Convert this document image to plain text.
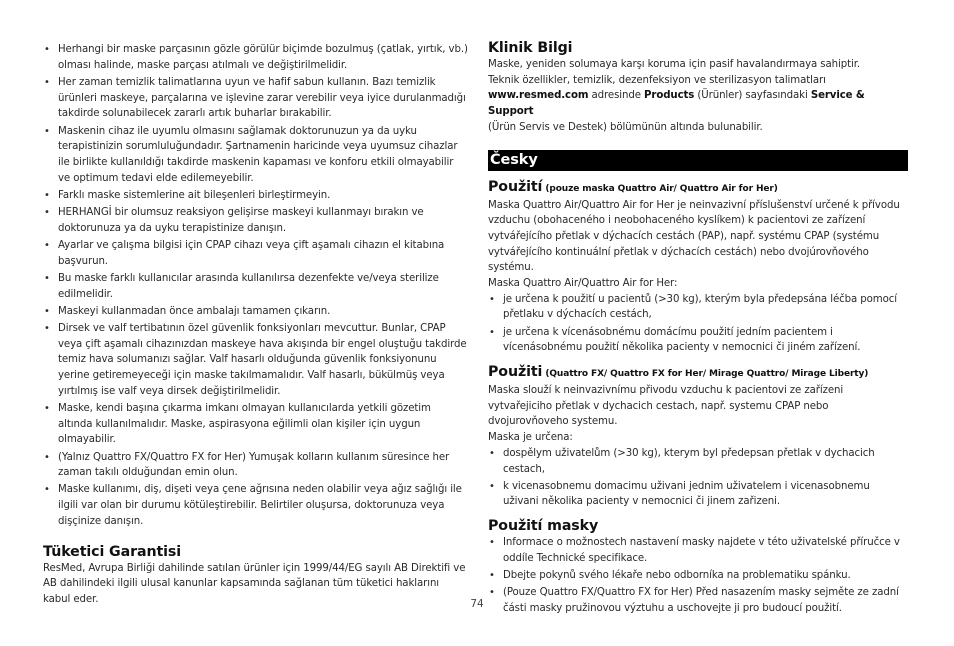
• Herhangi bir maske parçasının gözle görülür biçimde bozulmuş (çatlak, yırtık, vb.) olması halinde, maske parçası atılmalı ve değiştirilmelidir.
• Her zaman temizlik talimatlarına uyun ve hafif sabun kullanın. Bazı temizlik ürünleri maskeye, parçalarına ve işlevine zarar verebilir veya iyice durulanmadığı takdirde solunabilecek zararlı artık buharlar bırakabilir.
• Maskenin cihaz ile uyumlu olmasını sağlamak doktorunuzun ya da uyku terapistinizin sorumluluğundadır. Şartnamenin haricinde veya uyumsuz cihazlar ile birlikte kullanıldığı takdirde maskenin kapaması ve konforu etkili olmayabilir ve optimum tedavi elde edilemeyebilir.
• Farklı maske sistemlerine ait bileşenleri birleştirmeyin.
• HERHANGİ bir olumsuz reaksiyon gelişirse maskeyi kullanmayı bırakın ve doktorunuza ya da uyku terapistinize danışın.
• Ayarlar ve çalışma bilgisi için CPAP cihazı veya çift aşamalı cihazın el kitabına başvurun.
• Bu maske farklı kullanıcılar arasında kullanılırsa dezenfekte ve/veya sterilize edilmelidir.
• Maskeyi kullanmadan önce ambalajı tamamen çıkarın.
• Dirsek ve valf tertibatının özel güvenlik fonksiyonları mevcuttur. Bunlar, CPAP veya çift aşamalı cihazınızdan maskeye hava akışında bir engel oluştuğu takdirde temiz hava solumanızı sağlar. Valf hasarlı olduğunda güvenlik fonksiyonunu yerine getiremeyeceği için maske takılmamalıdır. Valf hasarlı, bükülmüş veya yırtılmış ise valf veya dirsek değiştirilmelidir.
• Maske, kendi başına çıkarma imkanı olmayan kullanıcılarda yetkili gözetim altında kullanılmalıdır. Maske, aspirasyona eğilimli olan kişiler için uygun olmayabilir.
• (Yalnız Quattro FX/Quattro FX for Her) Yumuşak kolların kullanım süresince her zaman takılı olduğundan emin olun.
• Maske kullanımı, diş, dişeti veya çene ağrısına neden olabilir veya ağız sağlığı ile ilgili var olan bir durumu kötüleştirebilir. Belirtiler oluşursa, doktorunuza veya dişçinize danışın.
Tüketici Garantisi

ResMed, Avrupa Birliği dahilinde satılan ürünler için 1999/44/EG sayılı AB Direktifi ve AB dahilindeki ilgili ulusal kanunlar kapsamında sağlanan tüm tüketici haklarını kabul eder.

Klinik Bilgi

Maske, yeniden solumaya karşı koruma için pasif havalandırmaya sahiptir.

Teknik özellikler, temizlik, dezenfeksiyon ve sterilizasyon talimatları
www.resmed.com adresinde Products (Ürünler) sayfasındaki Service & Support
(Ürün Servis ve Destek) bölümünün altında bulunabilir.

Česky
Použití (pouze maska Quattro Air/ Quattro Air for Her)

Maska Quattro Air/Quattro Air for Her je neinvazivní příslušenství určené k přívodu vzduchu (obohaceného i neobohaceného kyslíkem) k pacientovi ze zařízení vytvářejícího přetlak v dýchacích cestách (PAP), např. systému CPAP (systému vytvářejícího kontinuální přetlak v dýchacích cestách) nebo dvojúrovňového systému.

Maska Quattro Air/Quattro Air for Her:

• je určena k použití u pacientů (>30 kg), kterým byla předepsána léčba pomocí přetlaku v dýchacích cestách,
• je určena k vícenásobnému domácímu použití jedním pacientem i vícenásobnému použití několika pacienty v nemocnici či jiném zařízení.
Použiti (Quattro FX/ Quattro FX for Her/ Mirage Quattro/ Mirage Liberty)

Maska slouží k neinvazivnímu přivodu vzduchu k pacientovi ze zařízeni vytvařejiciho přetlak v dychacich cestach, např. systemu CPAP nebo dvojurovňoveho systemu.

Maska je určena:

• dospělym uživatelům (>30 kg), kterym byl předepsan přetlak v dychacich cestach,
• k vicenasobnemu domacimu uživani jednim uživatelem i vicenasobnemu uživani několika pacienty v nemocnici či jinem zařizeni.
Použití masky
• Informace o možnostech nastavení masky najdete v této uživatelské příručce v oddíle Technické specifikace.
• Dbejte pokynů svého lékaře nebo odborníka na problematiku spánku.
• (Pouze Quattro FX/Quattro FX for Her) Před nasazením masky sejměte ze zadní části masky pružinovou výztuhu a uschovejte ji pro budoucí použití.
74
